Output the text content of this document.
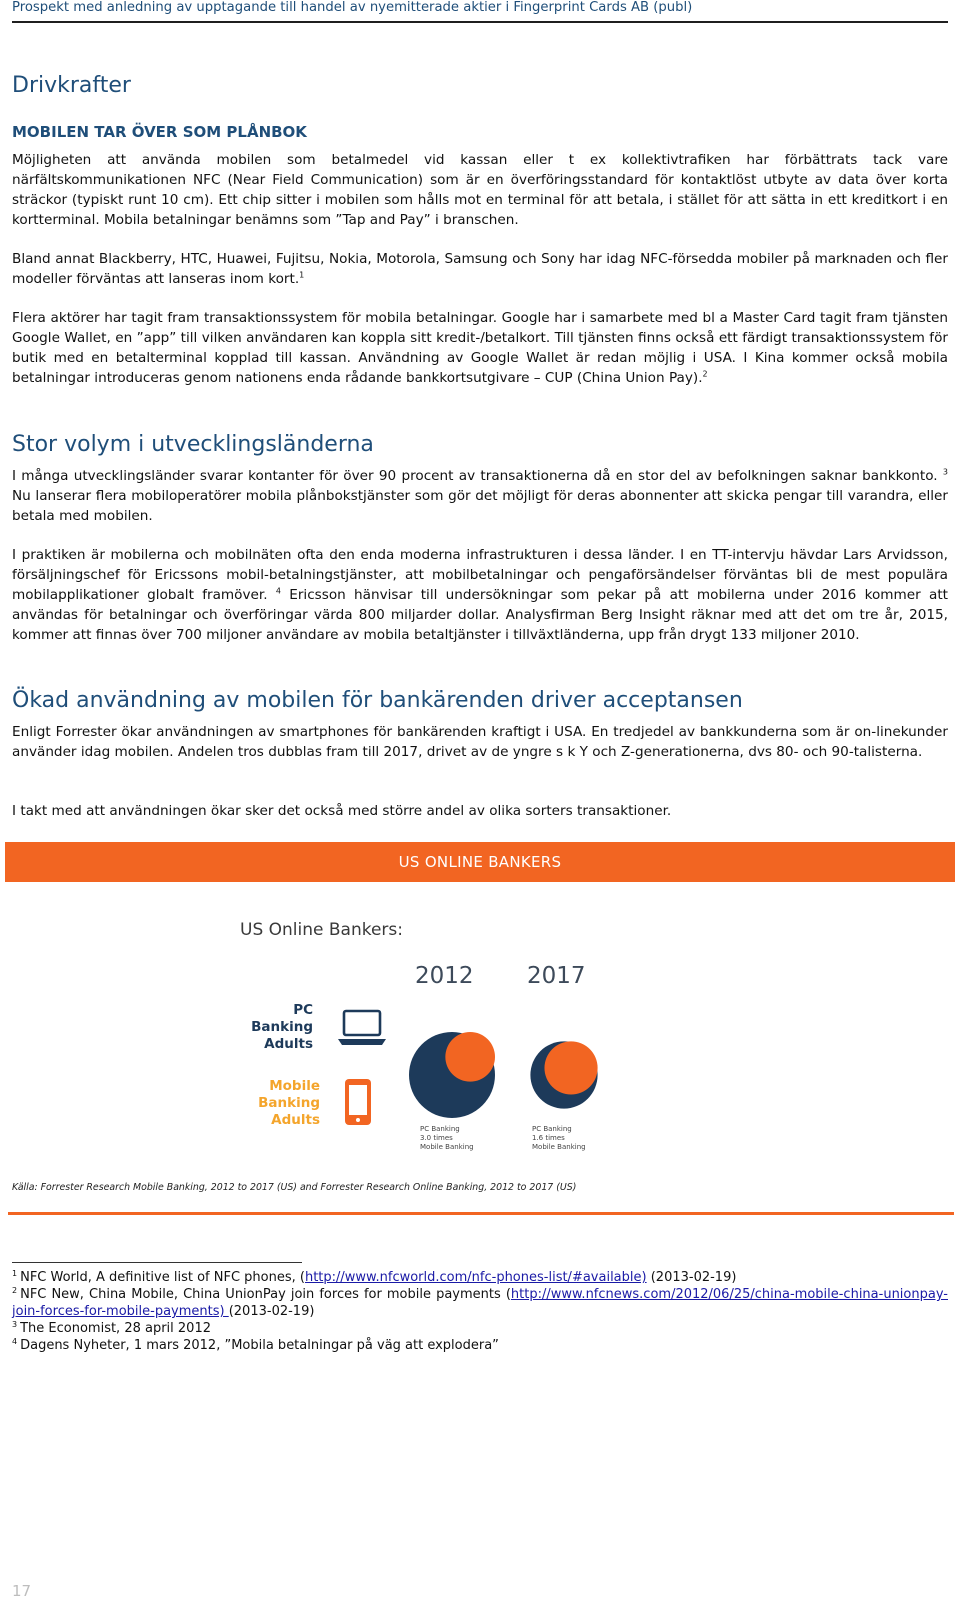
Prospekt med anledning av upptagande till handel av nyemitterade aktier i Fingerprint Cards AB (publ)
Drivkrafter
MOBILEN TAR ÖVER SOM PLÅNBOK

Möjligheten att använda mobilen som betalmedel vid kassan eller t ex kollektivtrafiken har förbättrats tack vare närfältskommunikationen NFC (Near Field Communication) som är en överföringsstandard för kontaktlöst utbyte av data över korta sträckor (typiskt runt 10 cm). Ett chip sitter i mobilen som hålls mot en terminal för att betala, i stället för att sätta in ett kreditkort i en kortterminal. Mobila betalningar benämns som ”Tap and Pay” i branschen.

Bland annat Blackberry, HTC, Huawei, Fujitsu, Nokia, Motorola, Samsung och Sony har idag NFC-försedda mobiler på marknaden och fler modeller förväntas att lanseras inom kort.$^1$

Flera aktörer har tagit fram transaktionssystem för mobila betalningar. Google har i samarbete med bl a Master Card tagit fram tjänsten Google Wallet, en ”app” till vilken användaren kan koppla sitt kredit-/betalkort. Till tjänsten finns också ett färdigt transaktionssystem för butik med en betalterminal kopplad till kassan. Användning av Google Wallet är redan möjlig i USA. I Kina kommer också mobila betalningar introduceras genom nationens enda rådande bankkortsutgivare – CUP (China Union Pay).$^2$

Stor volym i utvecklingsländerna

I många utvecklingsländer svarar kontanter för över 90 procent av transaktionerna då en stor del av befolkningen saknar bankkonto. $^3$ Nu lanserar flera mobiloperatörer mobila plånbokstjänster som gör det möjligt för deras abonnenter att skicka pengar till varandra, eller betala med mobilen.

I praktiken är mobilerna och mobilnäten ofta den enda moderna infrastrukturen i dessa länder. I en TT-intervju hävdar Lars Arvidsson, försäljningschef för Ericssons mobil-betalningstjänster, att mobilbetalningar och pengaförsändelser förväntas bli de mest populära mobilapplikationer globalt framöver. $^4$ Ericsson hänvisar till undersökningar som pekar på att mobilerna under 2016 kommer att användas för betalningar och överföringar värda 800 miljarder dollar. Analysfirman Berg Insight räknar med att det om tre år, 2015, kommer att finnas över 700 miljoner användare av mobila betaltjänster i tillväxtländerna, upp från drygt 133 miljoner 2010.

Ökad användning av mobilen för bankärenden driver acceptansen

Enligt Forrester ökar användningen av smartphones för bankärenden kraftigt i USA. En tredjedel av bankkunderna som är on-linekunder använder idag mobilen. Andelen tros dubblas fram till 2017, drivet av de yngre s k Y och Z-generationerna, dvs 80- och 90-talisterna.

I takt med att användningen ökar sker det också med större andel av olika sorters transaktioner.

US ONLINE BANKERS
US Online Bankers:
2012 2017
PC
Banking
Adults
Mobile
Banking
Adults
PC Banking
3.0 times
Mobile Banking
PC Banking
1.6 times
Mobile Banking
Källa: Forrester Research Mobile Banking, 2012 to 2017 (US) and Forrester Research Online Banking, 2012 to 2017 (US)

$^1$ NFC World, A definitive list of NFC phones, (http://www.nfcworld.com/nfc-phones-list/#available) (2013-02-19)

$^2$ NFC New, China Mobile, China UnionPay join forces for mobile payments (http://www.nfcnews.com/2012/06/25/china-mobile-china-unionpay-join-forces-for-mobile-payments) (2013-02-19)

$^3$ The Economist, 28 april 2012

$^4$ Dagens Nyheter, 1 mars 2012, ”Mobila betalningar på väg att explodera”

17
